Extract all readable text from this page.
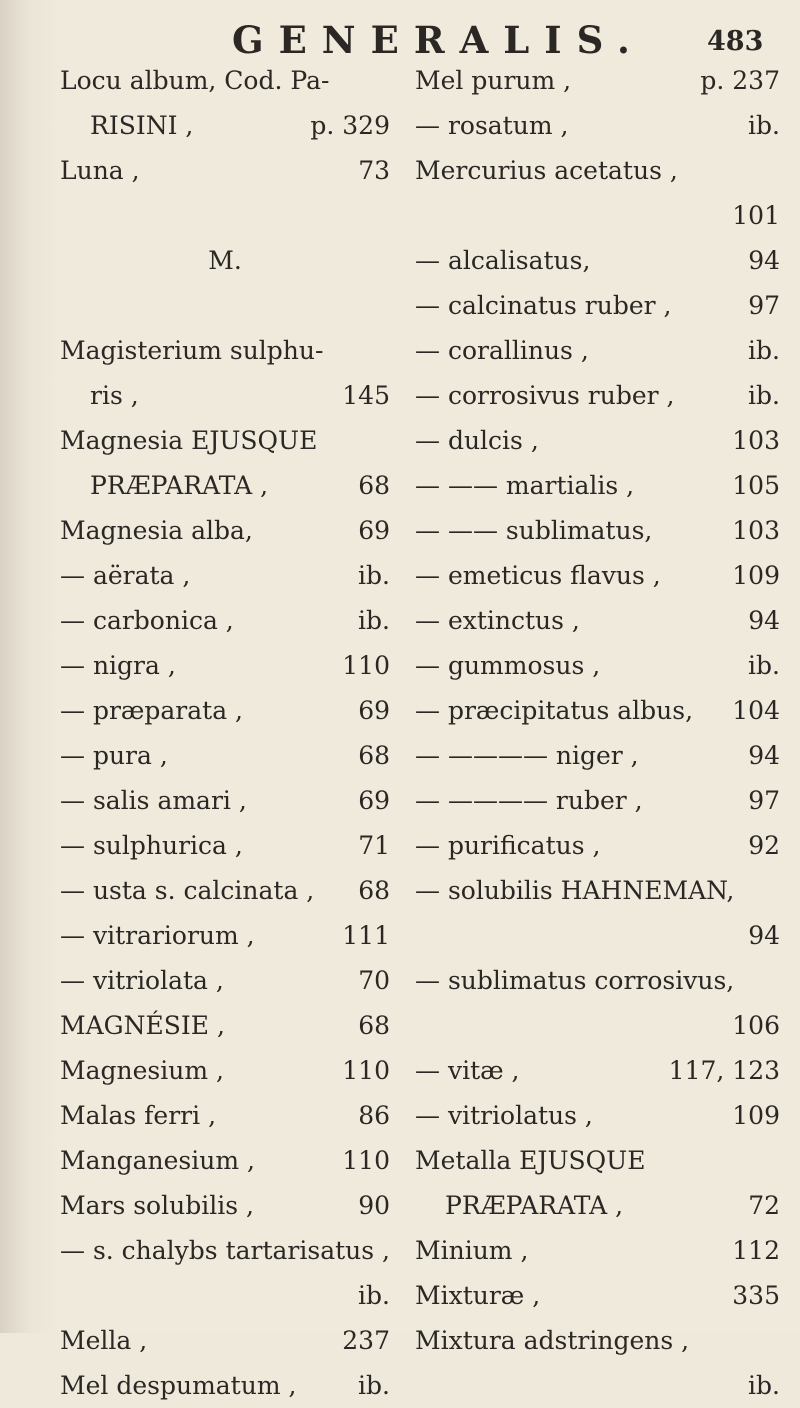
GENERALIS. 483
Locu album, Cod. Pa-
RISINI ,	p. 329
Luna ,	73
M.
Magisterium sulphu-
ris ,	145
Magnesia EJUSQUE
PRÆPARATA ,	68
Magnesia alba,	69
— aërata ,	ib.
— carbonica ,	ib.
— nigra ,	110
— præparata ,	69
— pura ,	68
— salis amari ,	69
— sulphurica ,	71
— usta s. calcinata , 68
— vitrariorum ,	111
— vitriolata ,	70
MAGNÉSIE ,	68
Magnesium ,	110
Malas ferri ,	86
Manganesium ,	110
Mars solubilis ,	90
— s. chalybs tartarisatus ,
ib.
Mella ,	237
Mel despumatum , ib.
Mel purum ,	p. 237
— rosatum ,	ib.
Mercurius acetatus ,
101
— alcalisatus,	94
— calcinatus ruber ,	97
— corallinus ,	ib.
— corrosivus ruber ,	ib.
— dulcis ,	103
— —— martialis ,	105
— —— sublimatus,	103
— emeticus flavus ,	109
— extinctus ,	94
— gummosus ,	ib.
— præcipitatus albus, 104
— ———— niger ,	94
— ———— ruber ,	97
— purificatus ,	92
— solubilis HAHNEMAN,
94
— sublimatus corrosivus,
106
— vitæ ,	117, 123
— vitriolatus ,	109
Metalla EJUSQUE
PRÆPARATA ,	72
Minium ,	112
Mixturæ ,	335
Mixtura adstringens ,
ib.
